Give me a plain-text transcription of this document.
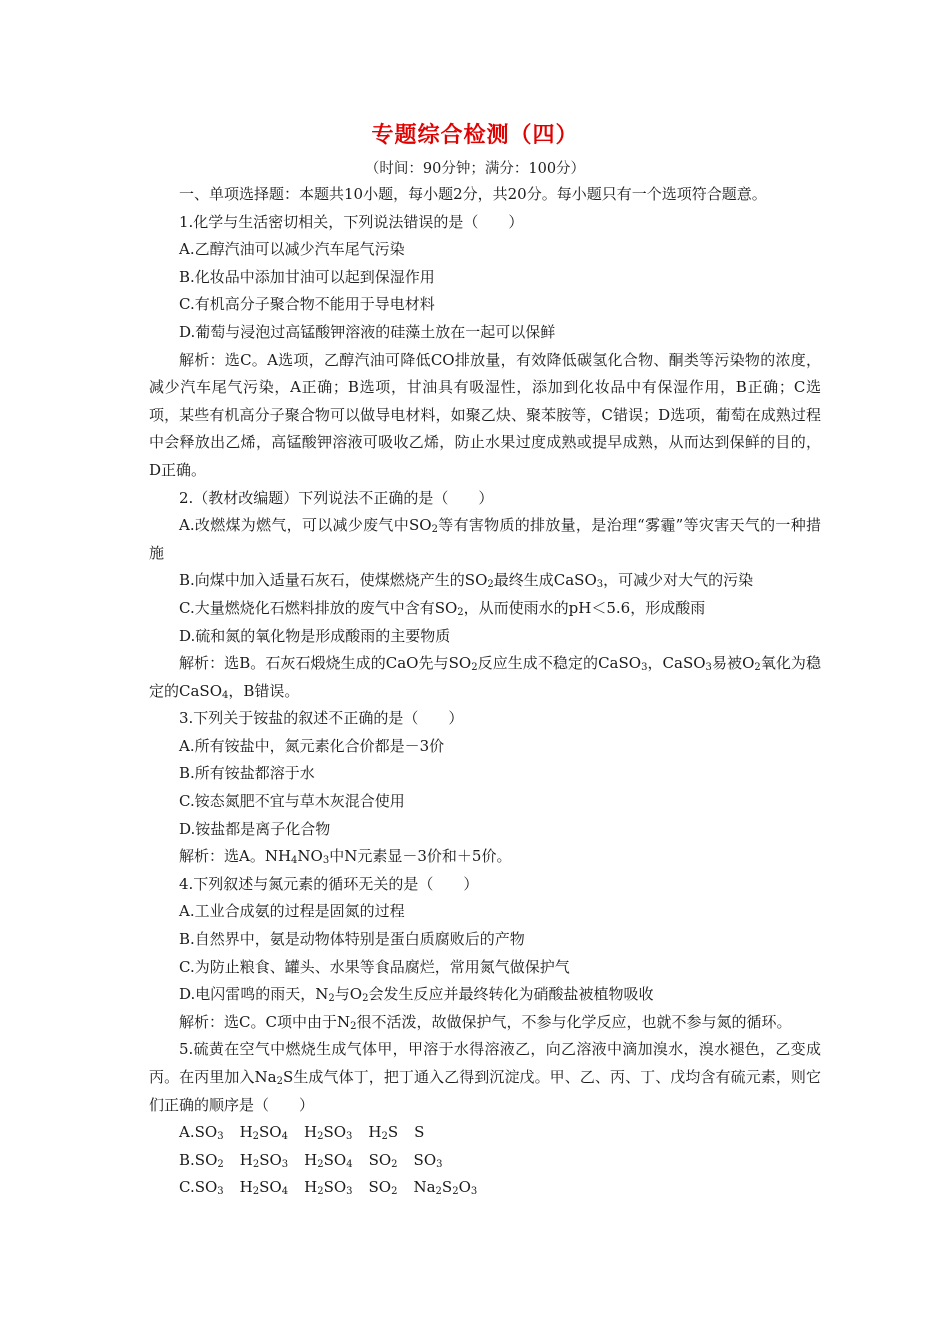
专题综合检测（四）
（时间：90分钟；满分：100分）

一、单项选择题：本题共10小题，每小题2分，共20分。每小题只有一个选项符合题意。

1.化学与生活密切相关，下列说法错误的是（　　）

A.乙醇汽油可以减少汽车尾气污染

B.化妆品中添加甘油可以起到保湿作用

C.有机高分子聚合物不能用于导电材料

D.葡萄与浸泡过高锰酸钾溶液的硅藻土放在一起可以保鲜

解析：选C。A选项，乙醇汽油可降低CO排放量，有效降低碳氢化合物、酮类等污染物的浓度，减少汽车尾气污染，A正确；B选项，甘油具有吸湿性，添加到化妆品中有保湿作用，B正确；C选项，某些有机高分子聚合物可以做导电材料，如聚乙炔、聚苯胺等，C错误；D选项，葡萄在成熟过程中会释放出乙烯，高锰酸钾溶液可吸收乙烯，防止水果过度成熟或提早成熟，从而达到保鲜的目的，D正确。

2.（教材改编题）下列说法不正确的是（　　）

A.改燃煤为燃气，可以减少废气中$SO_2$等有害物质的排放量，是治理“雾霾”等灾害天气的一种措施

B.向煤中加入适量石灰石，使煤燃烧产生的$SO_2$最终生成CaSO$_3$，可减少对大气的污染

C.大量燃烧化石燃料排放的废气中含有$SO_2$，从而使雨水的pH＜5.6，形成酸雨

D.硫和氮的氧化物是形成酸雨的主要物质

解析：选B。石灰石煅烧生成的CaO先与$SO_2$反应生成不稳定的CaSO$_3$，CaSO$_3$易被$O_2$氧化为稳定的CaSO$_4$，B错误。

3.下列关于铵盐的叙述不正确的是（　　）

A.所有铵盐中，氮元素化合价都是－3价

B.所有铵盐都溶于水

C.铵态氮肥不宜与草木灰混合使用

D.铵盐都是离子化合物

解析：选A。$NH_4NO_3$中N元素显－3价和＋5价。

4.下列叙述与氮元素的循环无关的是（　　）

A.工业合成氨的过程是固氮的过程

B.自然界中，氨是动物体特别是蛋白质腐败后的产物

C.为防止粮食、罐头、水果等食品腐烂，常用氮气做保护气

D.电闪雷鸣的雨天，$N_2$与$O_2$会发生反应并最终转化为硝酸盐被植物吸收

解析：选C。C项中由于$N_2$很不活泼，故做保护气，不参与化学反应，也就不参与氮的循环。

5.硫黄在空气中燃烧生成气体甲，甲溶于水得溶液乙，向乙溶液中滴加溴水，溴水褪色，乙变成丙。在丙里加入$Na_2S$生成气体丁，把丁通入乙得到沉淀戊。甲、乙、丙、丁、戊均含有硫元素，则它们正确的顺序是（　　）

$A.SO_3$ $H_2SO_4$ $H_2SO_3$ $H_2S$ S

$B.SO_2$ $H_2SO_3$ $H_2SO_4$ $SO_2$ $SO_3$

$C.SO_3$ $H_2SO_4$ $H_2SO_3$ $SO_2$ $Na_2S_2O_3$
